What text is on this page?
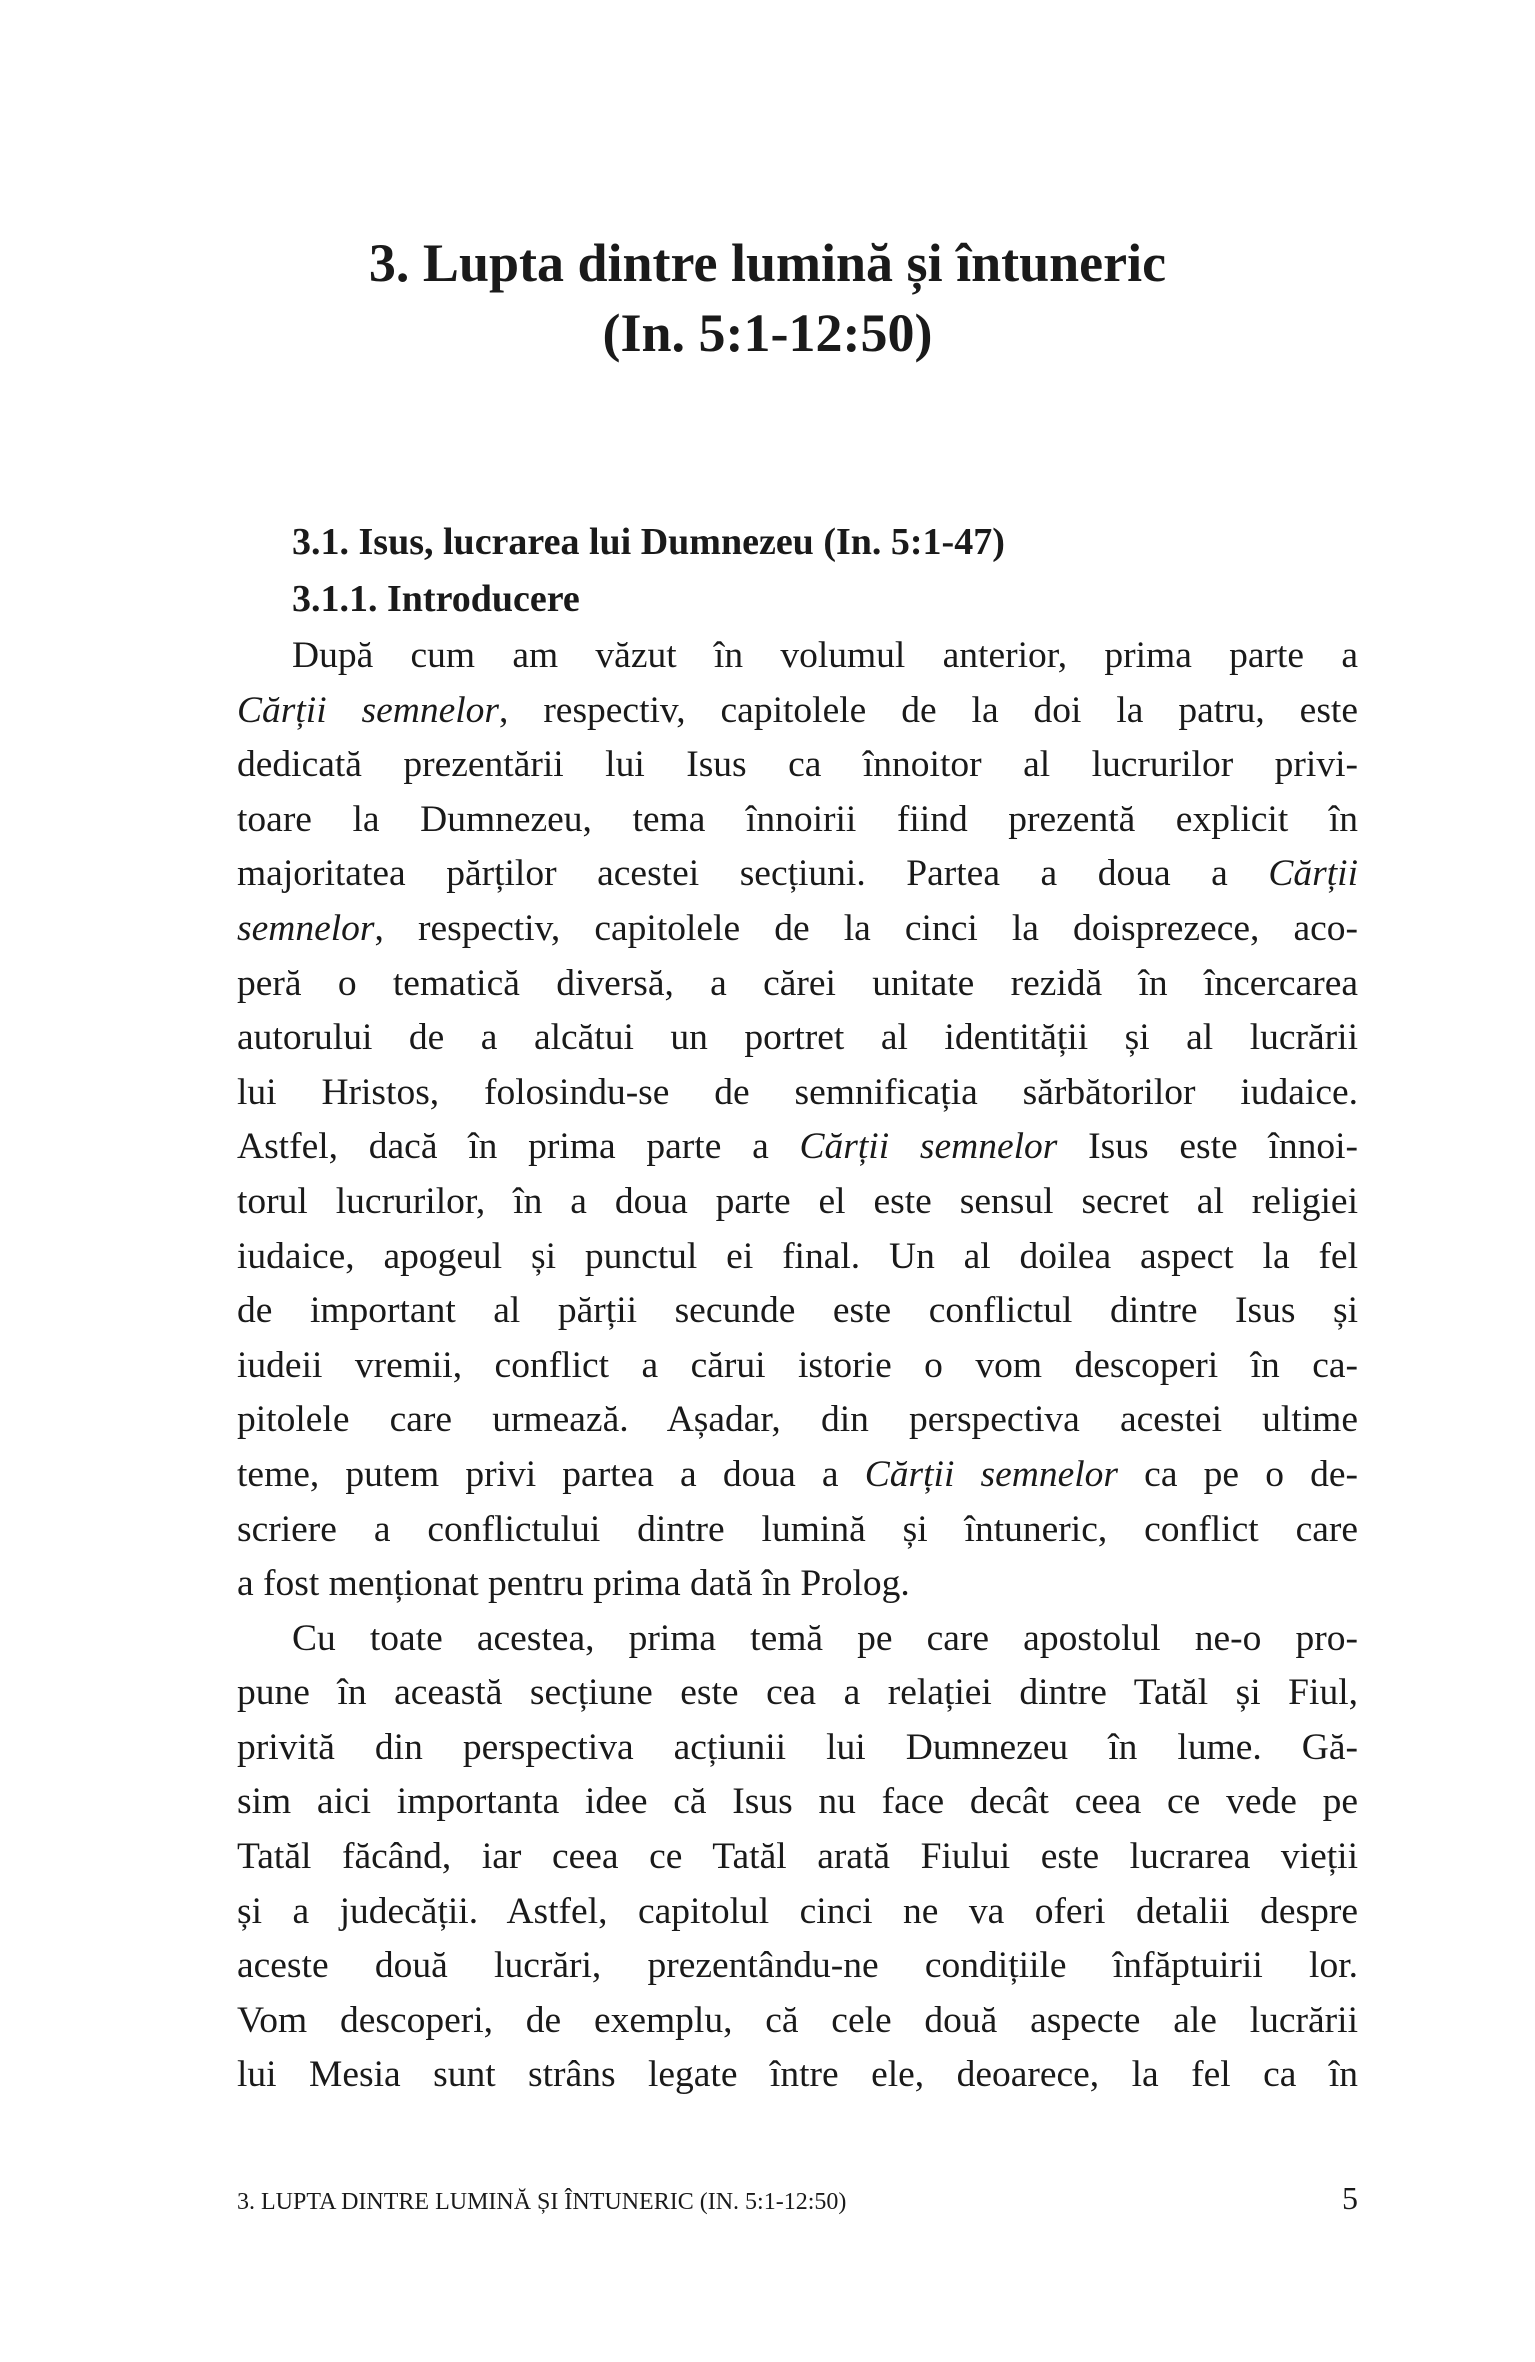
3. Lupta dintre lumină și întuneric
(In. 5:1-12:50)
3.1. Isus, lucrarea lui Dumnezeu (In. 5:1-47)
3.1.1. Introducere
După cum am văzut în volumul anterior, prima parte a
Cărții semnelor, respectiv, capitolele de la doi la patru, este
dedicată prezentării lui Isus ca înnoitor al lucrurilor privi-
toare la Dumnezeu, tema înnoirii fiind prezentă explicit în
majoritatea părților acestei secțiuni. Partea a doua a Cărții
semnelor, respectiv, capitolele de la cinci la doisprezece, aco-
peră o tematică diversă, a cărei unitate rezidă în încercarea
autorului de a alcătui un portret al identității și al lucrării
lui Hristos, folosindu-se de semnificația sărbătorilor iudaice.
Astfel, dacă în prima parte a Cărții semnelor Isus este înnoi-
torul lucrurilor, în a doua parte el este sensul secret al religiei
iudaice, apogeul și punctul ei final. Un al doilea aspect la fel
de important al părții secunde este conflictul dintre Isus și
iudeii vremii, conflict a cărui istorie o vom descoperi în ca-
pitolele care urmează. Așadar, din perspectiva acestei ultime
teme, putem privi partea a doua a Cărții semnelor ca pe o de-
scriere a conflictului dintre lumină și întuneric, conflict care
a fost menționat pentru prima dată în Prolog.
Cu toate acestea, prima temă pe care apostolul ne-o pro-
pune în această secțiune este cea a relației dintre Tatăl și Fiul,
privită din perspectiva acțiunii lui Dumnezeu în lume. Gă-
sim aici importanta idee că Isus nu face decât ceea ce vede pe
Tatăl făcând, iar ceea ce Tatăl arată Fiului este lucrarea vieții
și a judecății. Astfel, capitolul cinci ne va oferi detalii despre
aceste două lucrări, prezentându-ne condițiile înfăptuirii lor.
Vom descoperi, de exemplu, că cele două aspecte ale lucrării
lui Mesia sunt strâns legate între ele, deoarece, la fel ca în
3. LUPTA DINTRE LUMINĂ ȘI ÎNTUNERIC (IN. 5:1-12:50)	5
